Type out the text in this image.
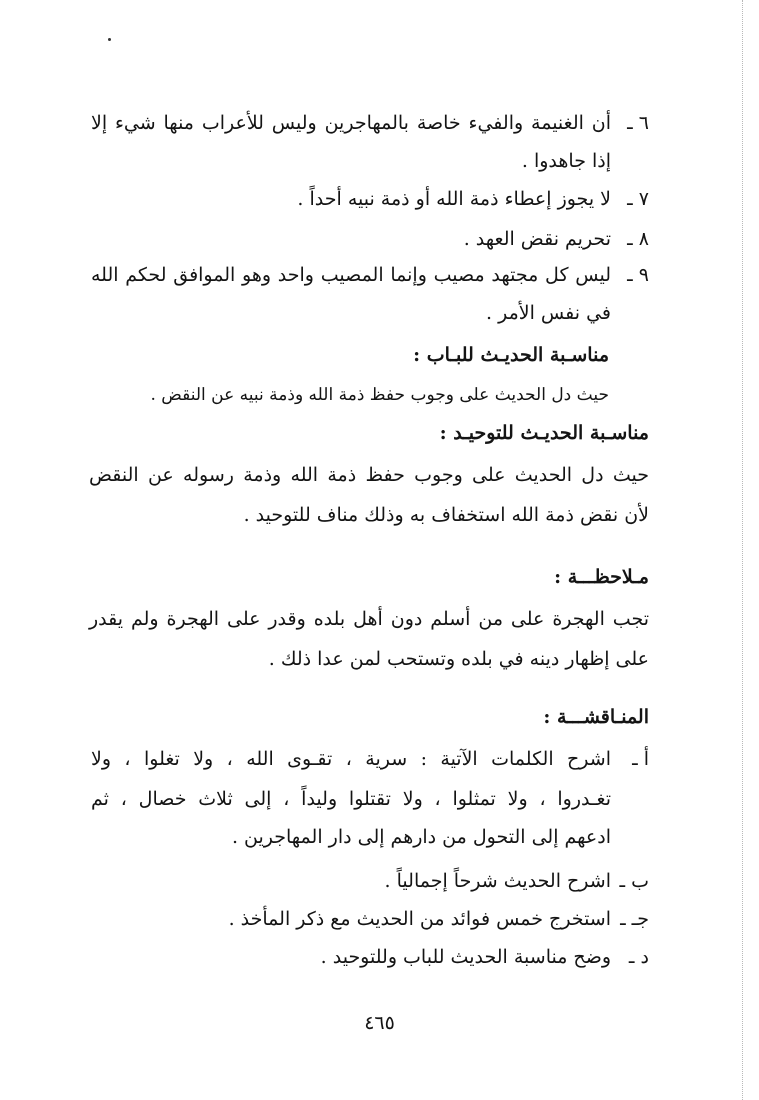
٦ ـ
أن الغنيمة والفيء خاصة بالمهاجرين وليس للأعراب منها شيء إلا
إذا جاهدوا .
٧ ـ
لا يجوز إعطاء ذمة الله أو ذمة نبيه أحداً .
٨ ـ
تحريم نقض العهد .
٩ ـ
ليس كل مجتهد مصيب وإنما المصيب واحد وهو الموافق لحكم الله
في نفس الأمر .
مناسـبة الحديـث للبـاب :
حيث دل الحديث على وجوب حفظ ذمة الله وذمة نبيه عن النقض .
مناسـبة الحديـث للتوحيـد :
حيث دل الحديث على وجوب حفظ ذمة الله وذمة رسوله عن النقض
لأن نقض ذمة الله استخفاف به وذلك مناف للتوحيد .
مـلاحظـــة :
تجب الهجرة على من أسلم دون أهل بلده وقدر على الهجرة ولم يقدر
على إظهار دينه في بلده وتستحب لمن عدا ذلك .
المنـاقشـــة :
أ ـ
اشرح الكلمات الآتية : سرية ، تقـوى الله ، ولا تغلوا ، ولا
تغـدروا ، ولا تمثلوا ، ولا تقتلوا وليداً ، إلى ثلاث خصال ، ثم
ادعهم إلى التحول من دارهم إلى دار المهاجرين .
ب ـ
اشرح الحديث شرحاً إجمالياً .
جـ ـ
استخرج خمس فوائد من الحديث مع ذكر المأخذ .
د ـ
وضح مناسبة الحديث للباب وللتوحيد .
٤٦٥
